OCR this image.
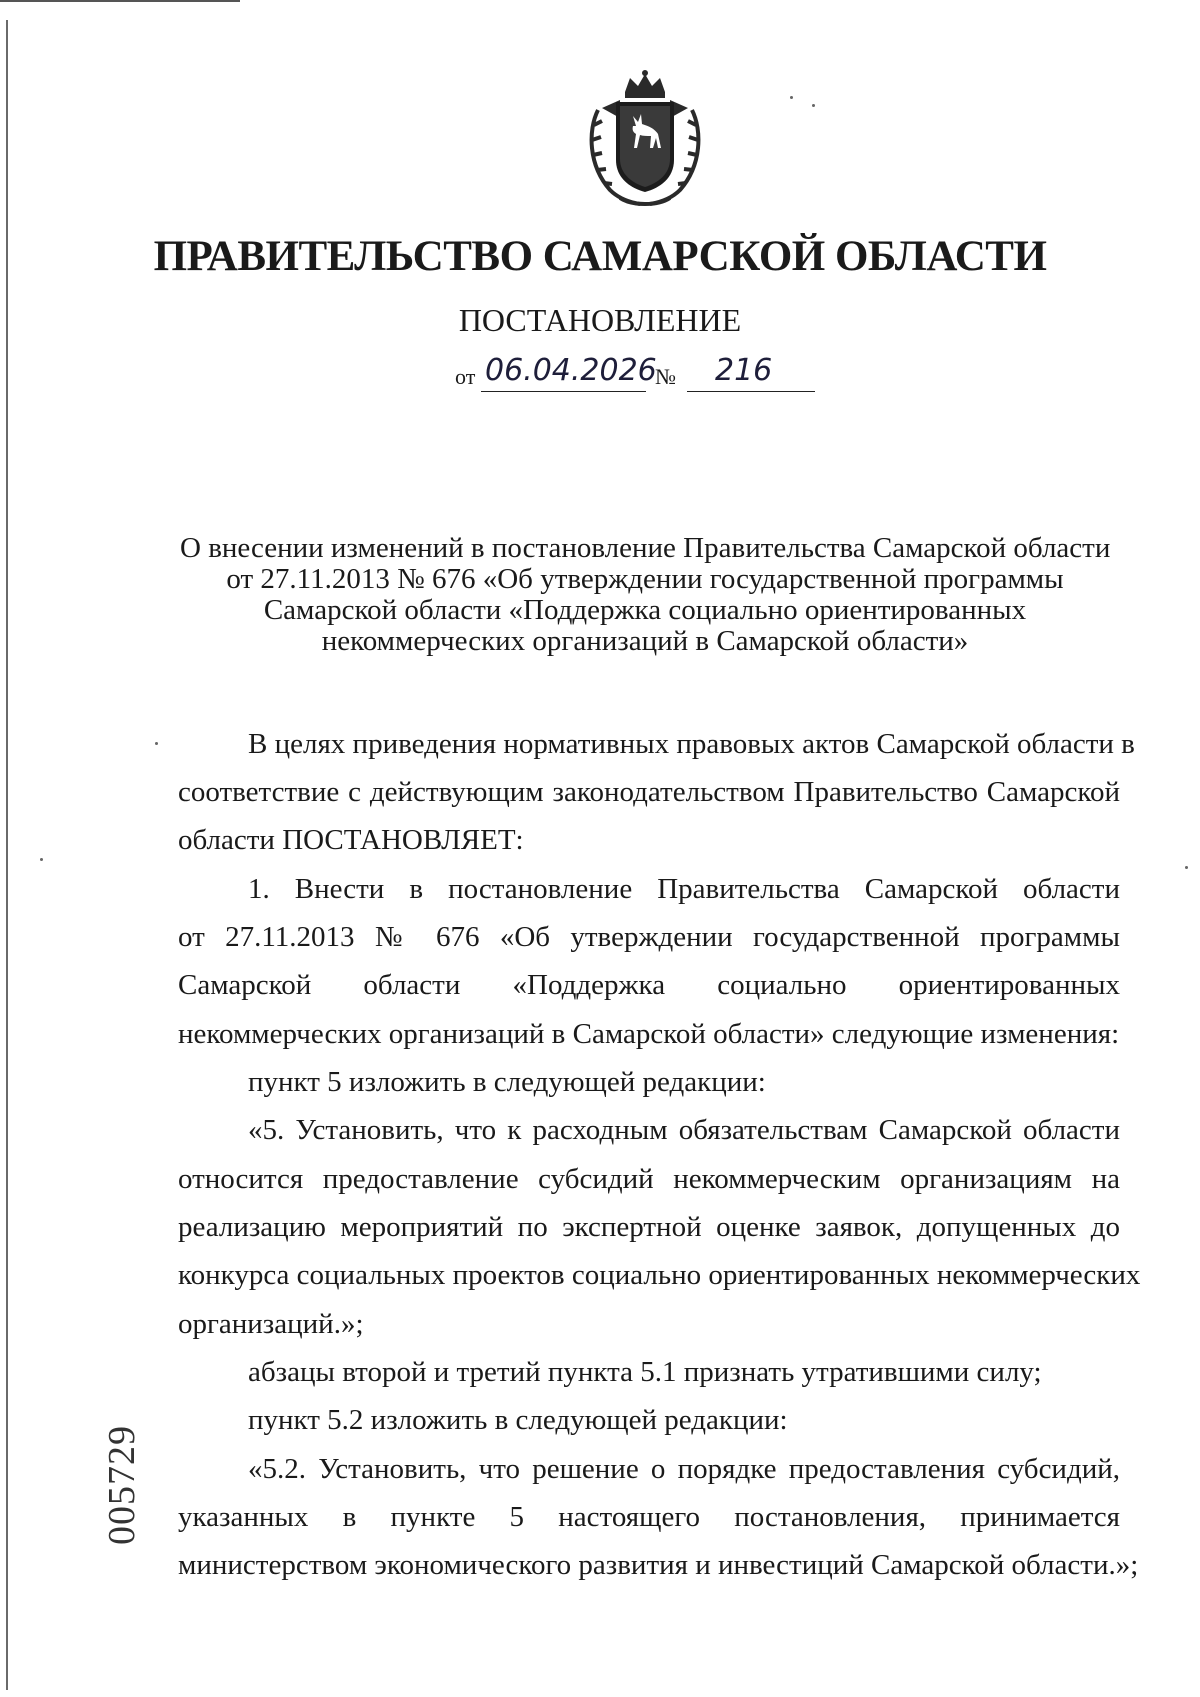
ПРАВИТЕЛЬСТВО САМАРСКОЙ ОБЛАСТИ
ПОСТАНОВЛЕНИЕ
от 06.04.2026
№ 216
О внесении изменений в постановление Правительства Самарской области
от 27.11.2013 № 676 «Об утверждении государственной программы
Самарской области «Поддержка социально ориентированных
некоммерческих организаций в Самарской области»
В целях приведения нормативных правовых актов Самарской области в
соответствие с действующим законодательством Правительство Самарской
области ПОСТАНОВЛЯЕТ:
1. Внести в постановление Правительства Самарской области
от 27.11.2013 № 676 «Об утверждении государственной программы
Самарской области «Поддержка социально ориентированных
некоммерческих организаций в Самарской области» следующие изменения:
пункт 5 изложить в следующей редакции:
«5. Установить, что к расходным обязательствам Самарской области
относится предоставление субсидий некоммерческим организациям на
реализацию мероприятий по экспертной оценке заявок, допущенных до
конкурса социальных проектов социально ориентированных некоммерческих
организаций.»;
абзацы второй и третий пункта 5.1 признать утратившими силу;
пункт 5.2 изложить в следующей редакции:
«5.2. Установить, что решение о порядке предоставления субсидий,
указанных в пункте 5 настоящего постановления, принимается
министерством экономического развития и инвестиций Самарской области.»;
005729
